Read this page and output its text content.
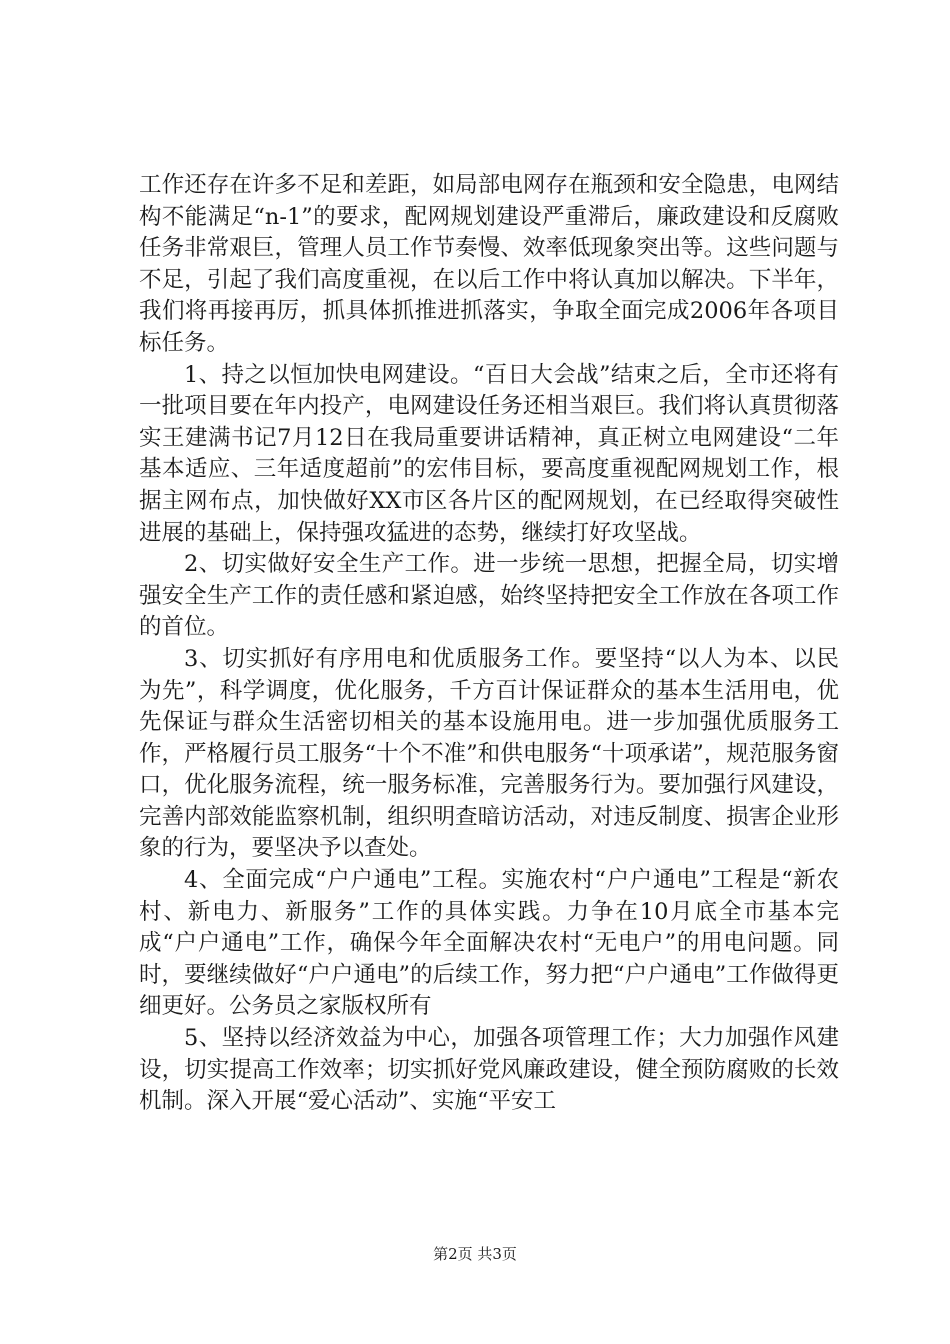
工作还存在许多不足和差距，如局部电网存在瓶颈和安全隐患，电网结构不能满足“n-1”的要求，配网规划建设严重滞后，廉政建设和反腐败任务非常艰巨，管理人员工作节奏慢、效率低现象突出等。这些问题与不足，引起了我们高度重视，在以后工作中将认真加以解决。下半年，我们将再接再厉，抓具体抓推进抓落实，争取全面完成2006年各项目标任务。

1、持之以恒加快电网建设。“百日大会战”结束之后，全市还将有一批项目要在年内投产，电网建设任务还相当艰巨。我们将认真贯彻落实王建满书记7月12日在我局重要讲话精神，真正树立电网建设“二年基本适应、三年适度超前”的宏伟目标，要高度重视配网规划工作，根据主网布点，加快做好XX市区各片区的配网规划，在已经取得突破性进展的基础上，保持强攻猛进的态势，继续打好攻坚战。

2、切实做好安全生产工作。进一步统一思想，把握全局，切实增强安全生产工作的责任感和紧迫感，始终坚持把安全工作放在各项工作的首位。

3、切实抓好有序用电和优质服务工作。要坚持“以人为本、以民为先”，科学调度，优化服务，千方百计保证群众的基本生活用电，优先保证与群众生活密切相关的基本设施用电。进一步加强优质服务工作，严格履行员工服务“十个不准”和供电服务“十项承诺”，规范服务窗口，优化服务流程，统一服务标准，完善服务行为。要加强行风建设，完善内部效能监察机制，组织明查暗访活动，对违反制度、损害企业形象的行为，要坚决予以查处。

4、全面完成“户户通电”工程。实施农村“户户通电”工程是“新农村、新电力、新服务”工作的具体实践。力争在10月底全市基本完成“户户通电”工作，确保今年全面解决农村“无电户”的用电问题。同时，要继续做好“户户通电”的后续工作，努力把“户户通电”工作做得更细更好。公务员之家版权所有

5、坚持以经济效益为中心，加强各项管理工作；大力加强作风建设，切实提高工作效率；切实抓好党风廉政建设，健全预防腐败的长效机制。深入开展“爱心活动”、实施“平安工

第2页 共3页
